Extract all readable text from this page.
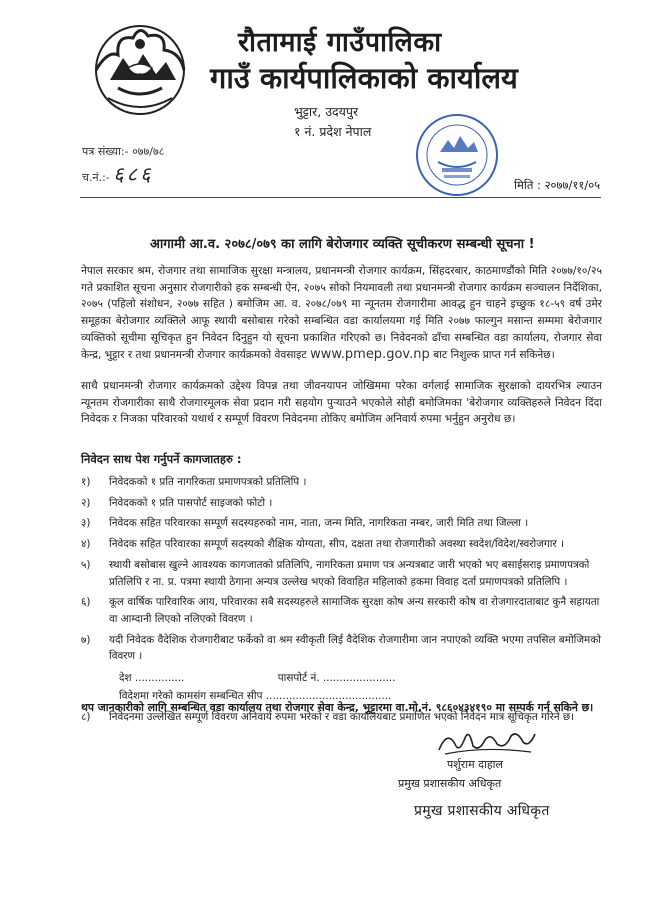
रौतामाई गाउँपालिका
गाउँ कार्यपालिकाको कार्यालय
भुट्टार, उदयपुर
१ नं. प्रदेश नेपाल
पत्र संख्या:- ०७७/७८
च.नं.:- ६८६	मिति : २०७७/११/०५
आगामी आ.व. २०७८/०७९ का लागि बेरोजगार व्यक्ति सूचीकरण सम्बन्धी सूचना !
नेपाल सरकार श्रम, रोजगार तथा सामाजिक सुरक्षा मन्त्रालय, प्रधानमन्त्री रोजगार कार्यक्रम, सिंहदरबार, काठमाण्डौंको मिति २०७७/१०/२५ गते प्रकाशित सूचना अनुसार रोजगारीको हक सम्बन्धी ऐन, २०७५ सोको नियमावली तथा प्रधानमन्त्री रोजगार कार्यक्रम सञ्चालन निर्देशिका, २०७५ (पहिलो संशोधन, २०७७ सहित ) बमोजिम आ. व. २०७८/०७९ मा न्यूनतम रोजगारीमा आवद्ध हुन चाहने इच्छुक १८-५९ वर्ष उमेर समूहका बेरोजगार व्यक्तिले आफू स्थायी बसोबास गरेको सम्बन्धित वडा कार्यालयमा गई मिति २०७७ फाल्गुन मसान्त सम्ममा बेरोजगार व्यक्तिको सूचीमा सूचिकृत हुन निवेदन दिनुहुन यो सूचना प्रकाशित गरिएको छ। निवेदनको ढाँचा सम्बन्धित वडा कार्यालय, रोजगार सेवा केन्द्र, भुट्टार र तथा प्रधानमन्त्री रोजगार कार्यक्रमको वेवसाइट www.pmep.gov.np बाट निशुल्क प्राप्त गर्न सकिनेछ।
साथै प्रधानमन्त्री रोजगार कार्यक्रमको उद्देश्य विपन्न तथा जीवनयापन जोखिममा परेका वर्गलाई सामाजिक सुरक्षाको दायरभित्र ल्याउन न्यूनतम रोजगारीका साथै रोजगारमूलक सेवा प्रदान गरी सहयोग पुऱ्याउने भएकोले सोही बमोजिमका 'बेरोजगार व्यक्तिहरुले निवेदन दिंदा निवेदक र निजका परिवारको यथार्थ र सम्पूर्ण विवरण निवेदनमा तोकिए बमोजिम अनिवार्य रुपमा भर्नुहुन अनुरोध छ।
निवेदन साथ पेश गर्नुपर्ने कागजातहरु :
१)	निवेदकको १ प्रति नागरिकता प्रमाणपत्रको प्रतिलिपि ।
२)	निवेदकको १ प्रति पासपोर्ट साइजको फोटो ।
३)	निवेदक सहित परिवारका सम्पूर्ण सदस्यहरुको नाम, नाता, जन्म मिति, नागरिकता नम्बर, जारी मिति तथा जिल्ला ।
४)	निवेदक सहित परिवारका सम्पूर्ण सदस्यको शैक्षिक योग्यता, सीप, दक्षता तथा रोजगारीको अवस्था स्वदेश/विदेश/स्वरोजगार ।
५)	स्थायी बसोबास खुल्ने आवश्यक कागजातको प्रतिलिपि, नागरिकता प्रमाण पत्र अन्यत्रबाट जारी भएको भए बसाईसराइ प्रमाणपत्रको प्रतिलिपि र ना. प्र. पत्रमा स्थायी ठेगाना अन्यत्र उल्लेख भएको विवाहित महिलाको हकमा विवाह दर्ता प्रमाणपत्रको प्रतिलिपि ।
६)	कूल वार्षिक पारिवारिक आय, परिवारका सबै सदस्यहरुले सामाजिक सुरक्षा कोष अन्य सरकारी कोष वा रोजगारदाताबाट कुनै सहायता वा आम्दानी लिएको नलिएको विवरण ।
७)	यदी निवेदक वैदेशिक रोजगारीबाट फर्केको वा श्रम स्वीकृती लिई वैदेशिक रोजगारीमा जान नपाएको व्यक्ति भएमा तपसिल बमोजिमको विवरण ।
देश ...............	पासपोर्ट नं. ......................
विदेशमा गरेको कामसंग सम्बन्धित सीप ......................................
८)	निवेदनमा उल्लेखित सम्पूर्ण विवरण अनिवार्य रुपमा भरेको र वडा कार्यालयबाट प्रमाणित भएको निवेदन मात्र सूचिकृत गरिने छ।
थप जानकारीको लागि सम्बन्धित वडा कार्यालय तथा रोजगार सेवा केन्द्र, भुट्टारमा वा.मो.नं. ९८६०४३४१९० मा सम्पर्क गर्न सकिने छ।
पर्शुराम दाहाल
प्रमुख प्रशासकीय अधिकृत
प्रमुख प्रशासकीय अधिकृत
